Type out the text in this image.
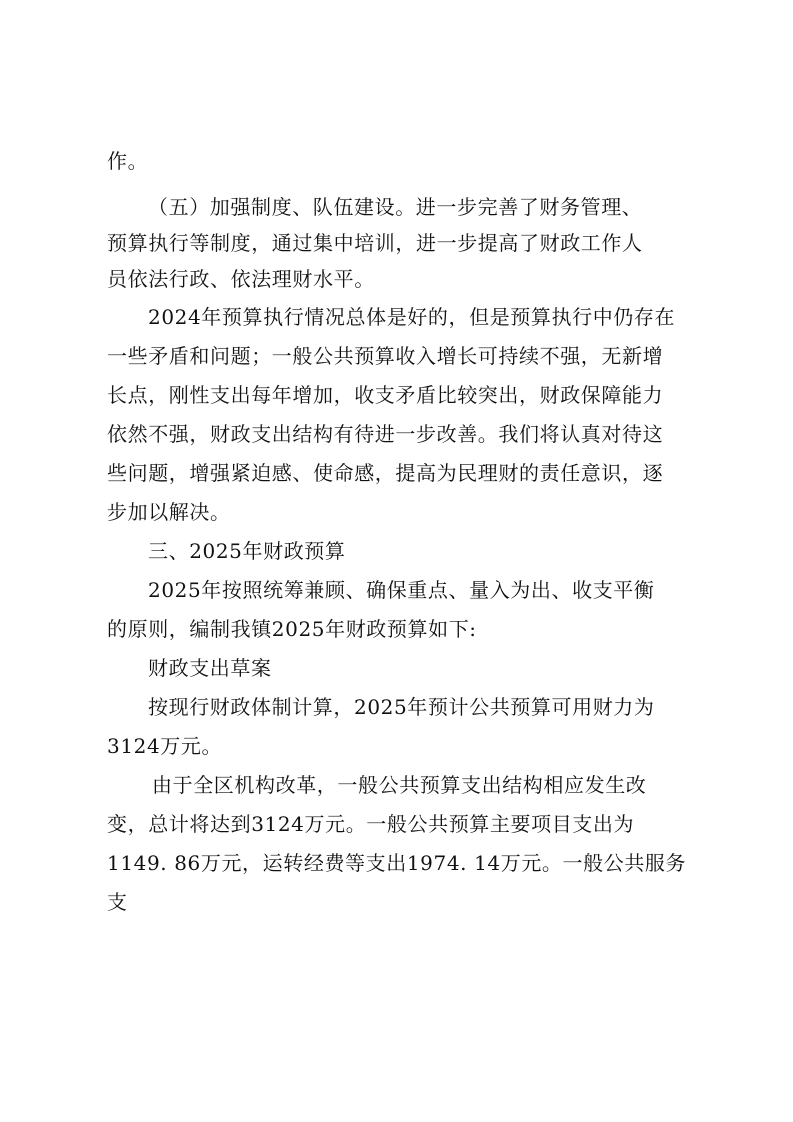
作。

（五）加强制度、队伍建设。进一步完善了财务管理、

预算执行等制度，通过集中培训，进一步提高了财政工作人

员依法行政、依法理财水平。

2024年预算执行情况总体是好的，但是预算执行中仍存在

一些矛盾和问题；一般公共预算收入增长可持续不强，无新增

长点，刚性支出每年增加，收支矛盾比较突出，财政保障能力

依然不强，财政支出结构有待进一步改善。我们将认真对待这

些问题，增强紧迫感、使命感，提高为民理财的责任意识，逐

步加以解决。

三、2025年财政预算

2025年按照统筹兼顾、确保重点、量入为出、收支平衡

的原则，编制我镇2025年财政预算如下:

财政支出草案

按现行财政体制计算，2025年预计公共预算可用财力为

3124万元。

由于全区机构改革，一般公共预算支出结构相应发生改

变，总计将达到3124万元。一般公共预算主要项目支出为

1149. 86万元，运转经费等支出1974. 14万元。一般公共服务

支
